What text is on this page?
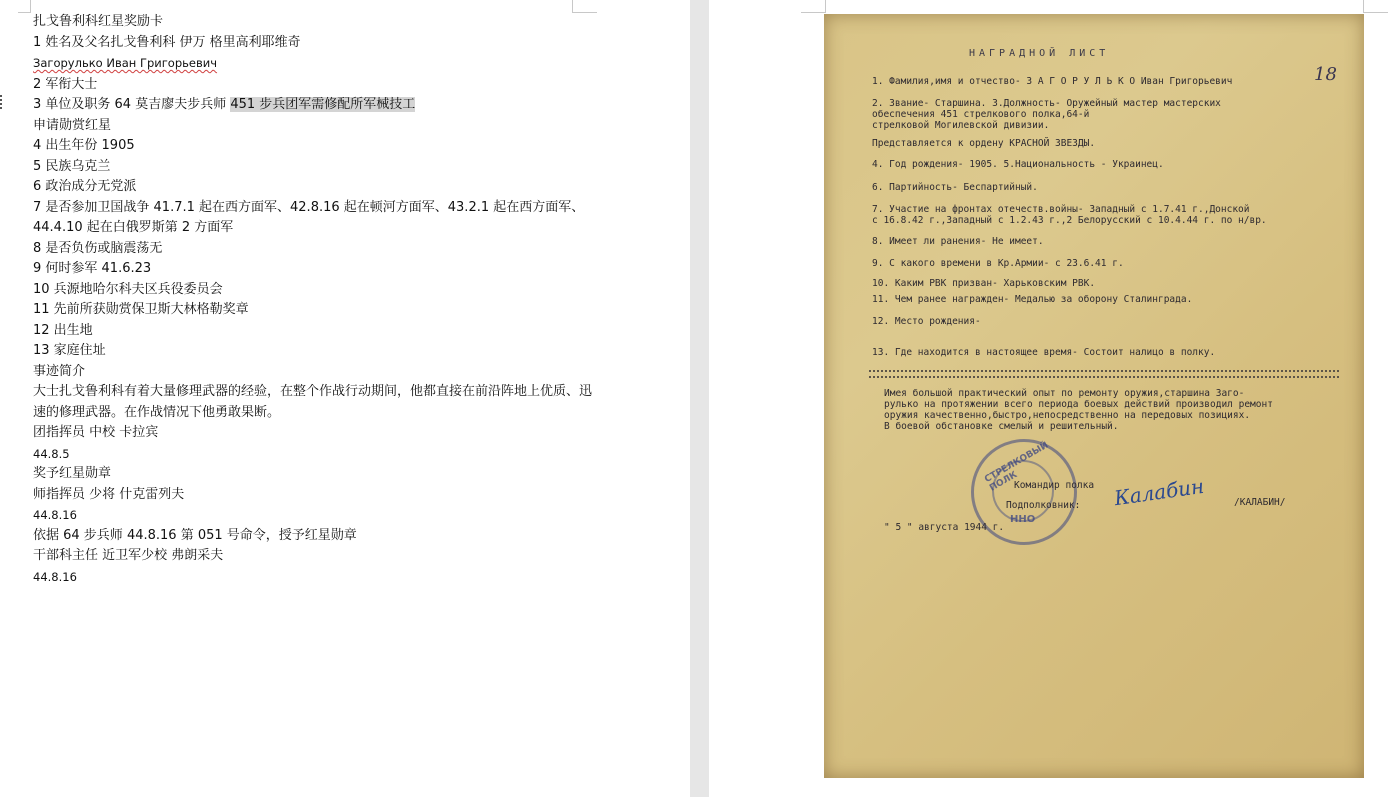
扎戈鲁利科红星奖励卡
1 姓名及父名扎戈鲁利科 伊万 格里高利耶维奇
Загорулько Иван Григорьевич
2 军衔大士
3 单位及职务 64 莫吉廖夫步兵师 451 步兵团军需修配所军械技工
申请勋赏红星
4 出生年份 1905
5 民族乌克兰
6 政治成分无党派
7 是否参加卫国战争 41.7.1 起在西方面军、42.8.16 起在顿河方面军、43.2.1 起在西方面军、
44.4.10 起在白俄罗斯第 2 方面军
8 是否负伤或脑震荡无
9 何时参军 41.6.23
10 兵源地哈尔科夫区兵役委员会
11 先前所获勋赏保卫斯大林格勒奖章
12 出生地
13 家庭住址
事迹简介
大士扎戈鲁利科有着大量修理武器的经验，在整个作战行动期间，他都直接在前沿阵地上优质、迅速的修理武器。在作战情况下他勇敢果断。
团指挥员 中校 卡拉宾
44.8.5
奖予红星勋章
师指挥员 少将 什克雷列夫
44.8.16
依据 64 步兵师 44.8.16 第 051 号命令，授予红星勋章
干部科主任 近卫军少校 弗朗采夫
44.8.16
НАГРАДНОЙ ЛИСТ
18
1. Фамилия,имя и отчество- З А Г О Р У Л Ь К О Иван Григорьевич
2. Звание- Старшина. 3.Должность- Оружейный мастер мастерских
обеспечения 451 стрелкового полка,64-й
стрелковой Могилевской дивизии.
Представляется к ордену КРАСНОЙ ЗВЕЗДЫ.
4. Год рождения- 1905. 5.Национальность - Украинец.
6. Партийность- Беспартийный.
7. Участие на фронтах отечеств.войны- Западный с 1.7.41 г.,Донской
с 16.8.42 г.,Западный с 1.2.43 г.,2 Белорусский с 10.4.44 г. по н/вр.
8. Имеет ли ранения- Не имеет.
9. С какого времени в Кр.Армии- с 23.6.41 г.
10. Каким РВК призван- Харьковским РВК.
11. Чем ранее награжден- Медалью за оборону Сталинграда.
12. Место рождения-
13. Где находится в настоящее время- Состоит налицо в полку.
Имея большой практический опыт по ремонту оружия,старшина Заго-
рулько на протяжении всего периода боевых действий производил ремонт
оружия качественно,быстро,непосредственно на передовых позициях.
В боевой обстановке смелый и решительный.
СТРЕЛКОВЫЙ ПОЛК
ННО
Командир полка
Подполковник: Калабин	/КАЛАБИН/
" 5 " августа 1944 г.
